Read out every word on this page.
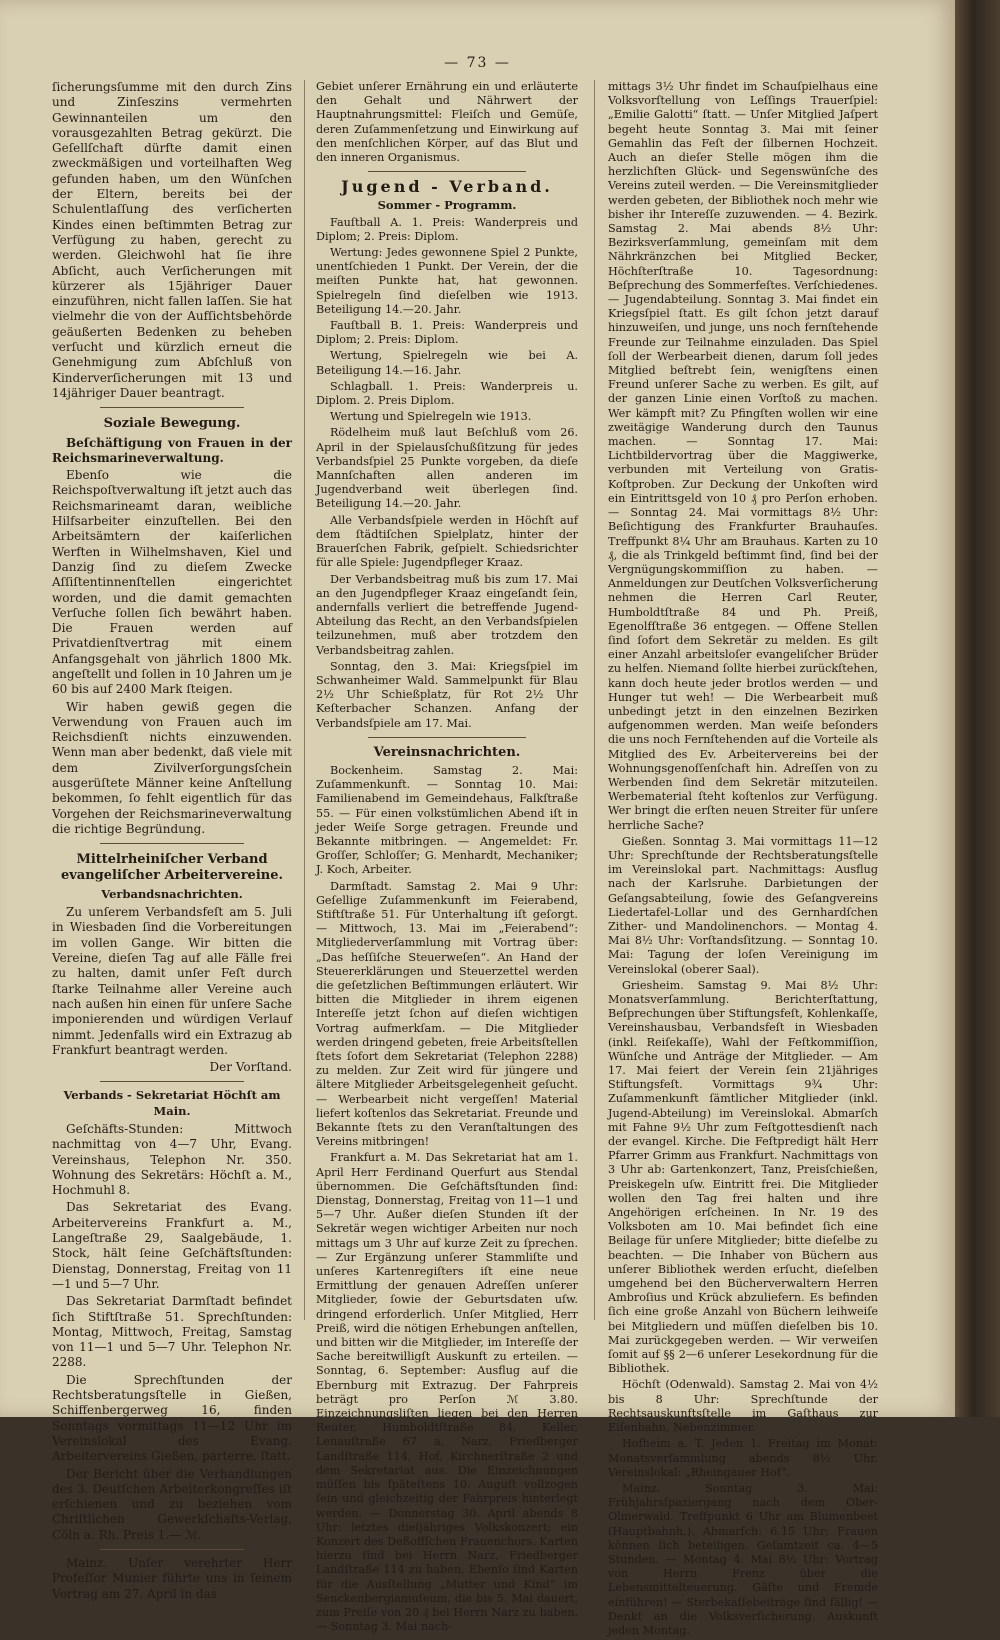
— 73 —

ſicherungsſumme mit den durch Zins und Zinſeszins vermehrten Gewinnanteilen um den vorausgezahlten Betrag gekürzt. Die Geſellſchaft dürfte damit einen zweckmäßigen und vorteilhaften Weg gefunden haben, um den Wünſchen der Eltern, bereits bei der Schulentlaſſung des verſicherten Kindes einen beſtimmten Betrag zur Verfügung zu haben, gerecht zu werden. Gleichwohl hat ſie ihre Abſicht, auch Verſicherungen mit kürzerer als 15jähriger Dauer einzuführen, nicht fallen laſſen. Sie hat vielmehr die von der Aufſichtsbehörde geäußerten Bedenken zu beheben verſucht und kürzlich erneut die Genehmigung zum Abſchluß von Kinderverſicherungen mit 13 und 14jähriger Dauer beantragt.

Soziale Bewegung.

Beſchäftigung von Frauen in der Reichsmarineverwaltung.

Ebenſo wie die Reichspoſtverwaltung iſt jetzt auch das Reichsmarineamt daran, weibliche Hilfsarbeiter einzuſtellen. Bei den Arbeitsämtern der kaiſerlichen Werften in Wilhelmshaven, Kiel und Danzig ſind zu dieſem Zwecke Aſſiſtentinnenſtellen eingerichtet worden, und die damit gemachten Verſuche ſollen ſich bewährt haben. Die Frauen werden auf Privatdienſtvertrag mit einem Anfangsgehalt von jährlich 1800 Mk. angeſtellt und ſollen in 10 Jahren um je 60 bis auf 2400 Mark ſteigen.

Wir haben gewiß gegen die Verwendung von Frauen auch im Reichsdienſt nichts einzuwenden. Wenn man aber bedenkt, daß viele mit dem Zivilverſorgungsſchein ausgerüſtete Männer keine Anſtellung bekommen, ſo fehlt eigentlich für das Vorgehen der Reichsmarineverwaltung die richtige Begründung.

Mittelrheiniſcher Verband evangeliſcher Arbeitervereine.
Verbandsnachrichten.

Zu unſerem Verbandsfeſt am 5. Juli in Wiesbaden ſind die Vorbereitungen im vollen Gange. Wir bitten die Vereine, dieſen Tag auf alle Fälle frei zu halten, damit unſer Feſt durch ſtarke Teilnahme aller Vereine auch nach außen hin einen für unſere Sache imponierenden und würdigen Verlauf nimmt. Jedenfalls wird ein Extrazug ab Frankfurt beantragt werden.

Der Vorſtand.
Verbands - Sekretariat Höchſt am Main.

Geſchäfts-Stunden: Mittwoch nachmittag von 4—7 Uhr, Evang. Vereinshaus, Telephon Nr. 350. Wohnung des Sekretärs: Höchſt a. M., Hochmuhl 8.

Das Sekretariat des Evang. Arbeitervereins Frankfurt a. M., Langeſtraße 29, Saalgebäude, 1. Stock, hält ſeine Geſchäftsſtunden: Dienstag, Donnerstag, Freitag von 11—1 und 5—7 Uhr.

Das Sekretariat Darmſtadt befindet ſich Stiftſtraße 51. Sprechſtunden: Montag, Mittwoch, Freitag, Samstag von 11—1 und 5—7 Uhr. Telephon Nr. 2288.

Die Sprechſtunden der Rechtsberatungsſtelle in Gießen, Schiffenbergerweg 16, finden Sonntags vormittags 11—12 Uhr im Vereinslokal des Evang. Arbeitervereins Gießen, parterre, ſtatt.

Der Bericht über die Verhandlungen des 3. Deutſchen Arbeiterkongreſſes iſt erſchienen und zu beziehen vom Chriſtlichen Gewerkſchafts-Verlag, Cöln a. Rh. Preis 1.— ℳ.

Mainz. Unſer verehrter Herr Profeſſor Munier führte uns in ſeinem Vortrag am 27. April in das

Gebiet unſerer Ernährung ein und erläuterte den Gehalt und Nährwert der Hauptnahrungsmittel: Fleiſch und Gemüſe, deren Zuſammenſetzung und Einwirkung auf den menſchlichen Körper, auf das Blut und den inneren Organismus.

Jugend - Verband.
Sommer - Programm.

Fauſtball A. 1. Preis: Wanderpreis und Diplom; 2. Preis: Diplom.

Wertung: Jedes gewonnene Spiel 2 Punkte, unentſchieden 1 Punkt. Der Verein, der die meiſten Punkte hat, hat gewonnen. Spielregeln ſind dieſelben wie 1913. Beteiligung 14.—20. Jahr.

Fauſtball B. 1. Preis: Wanderpreis und Diplom; 2. Preis: Diplom.

Wertung, Spielregeln wie bei A. Beteiligung 14.—16. Jahr.

Schlagball. 1. Preis: Wanderpreis u. Diplom. 2. Preis Diplom.

Wertung und Spielregeln wie 1913.

Rödelheim muß laut Beſchluß vom 26. April in der Spielausſchußſitzung für jedes Verbandsſpiel 25 Punkte vorgeben, da dieſe Mannſchaften allen anderen im Jugendverband weit überlegen ſind. Beteiligung 14.—20. Jahr.

Alle Verbandsſpiele werden in Höchſt auf dem ſtädtiſchen Spielplatz, hinter der Brauerſchen Fabrik, geſpielt. Schiedsrichter für alle Spiele: Jugendpfleger Kraaz.

Der Verbandsbeitrag muß bis zum 17. Mai an den Jugendpfleger Kraaz eingeſandt ſein, andernfalls verliert die betreffende Jugend-Abteilung das Recht, an den Verbandsſpielen teilzunehmen, muß aber trotzdem den Verbandsbeitrag zahlen.

Sonntag, den 3. Mai: Kriegsſpiel im Schwanheimer Wald. Sammelpunkt für Blau 2½ Uhr Schießplatz, für Rot 2½ Uhr Keſterbacher Schanzen. Anfang der Verbandsſpiele am 17. Mai.

Vereinsnachrichten.

Bockenheim. Samstag 2. Mai: Zuſammenkunft. — Sonntag 10. Mai: Familienabend im Gemeindehaus, Falkſtraße 55. — Für einen volkstümlichen Abend iſt in jeder Weiſe Sorge getragen. Freunde und Bekannte mitbringen. — Angemeldet: Fr. Groſſer, Schloſſer; G. Menhardt, Mechaniker; J. Koch, Arbeiter.

Darmſtadt. Samstag 2. Mai 9 Uhr: Geſellige Zuſammenkunft im Feierabend, Stiftſtraße 51. Für Unterhaltung iſt geſorgt. — Mittwoch, 13. Mai im „Feierabend“: Mitgliederverſammlung mit Vortrag über: „Das heſſiſche Steuerweſen“. An Hand der Steuererklärungen und Steuerzettel werden die geſetzlichen Beſtimmungen erläutert. Wir bitten die Mitglieder in ihrem eigenen Intereſſe jetzt ſchon auf dieſen wichtigen Vortrag aufmerkſam. — Die Mitglieder werden dringend gebeten, freie Arbeitsſtellen ſtets ſofort dem Sekretariat (Telephon 2288) zu melden. Zur Zeit wird für jüngere und ältere Mitglieder Arbeitsgelegenheit geſucht. — Werbearbeit nicht vergeſſen! Material liefert koſtenlos das Sekretariat. Freunde und Bekannte ſtets zu den Veranſtaltungen des Vereins mitbringen!

Frankfurt a. M. Das Sekretariat hat am 1. April Herr Ferdinand Querfurt aus Stendal übernommen. Die Geſchäftsſtunden ſind: Dienstag, Donnerstag, Freitag von 11—1 und 5—7 Uhr. Außer dieſen Stunden iſt der Sekretär wegen wichtiger Arbeiten nur noch mittags um 3 Uhr auf kurze Zeit zu ſprechen. — Zur Ergänzung unſerer Stammliſte und unſeres Kartenregiſters iſt eine neue Ermittlung der genauen Adreſſen unſerer Mitglieder, ſowie der Geburtsdaten uſw. dringend erforderlich. Unſer Mitglied, Herr Preiß, wird die nötigen Erhebungen anſtellen, und bitten wir die Mitglieder, im Intereſſe der Sache bereitwilligſt Auskunft zu erteilen. — Sonntag, 6. September: Ausflug auf die Ebernburg mit Extrazug. Der Fahrpreis beträgt pro Perſon ℳ 3.80. Einzeichnungsliſten liegen bei den Herren Reuter, Humboldtſtraße 84, Keller, Lenauſtraße 67 a, Narz, Friedberger Landſtraße 114, Hof, Kirchnerſtraße 2 und dem Sekretariat aus. Die Einzeichnungen müſſen bis ſpäteſtens 10. Auguſt vollzogen ſein und gleichzeitig der Fahrpreis hinterlegt werden. — Donnerstag 30. April abends 8 Uhr: letztes dieſjähriges Volkskonzert; ein Konzert des Deßoffſchen Frauenchors. Karten hierzu ſind bei Herrn Narz, Friedberger Landſtraße 114 zu haben. Ebenſo ſind Karten für die Ausſtellung „Mutter und Kind“ im Senckenbergiamuſeum, die bis 5. Mai dauert, zum Preiſe von 20 ₰ bei Herrn Narz zu haben. — Sonntag 3. Mai nach-

mittags 3½ Uhr findet im Schauſpielhaus eine Volksvorſtellung von Leſſings Trauerſpiel: „Emilie Galotti“ ſtatt. — Unſer Mitglied Jaſpert begeht heute Sonntag 3. Mai mit ſeiner Gemahlin das Feſt der ſilbernen Hochzeit. Auch an dieſer Stelle mögen ihm die herzlichſten Glück- und Segenswünſche des Vereins zuteil werden. — Die Vereinsmitglieder werden gebeten, der Bibliothek noch mehr wie bisher ihr Intereſſe zuzuwenden. — 4. Bezirk. Samstag 2. Mai abends 8½ Uhr: Bezirksverſammlung, gemeinſam mit dem Nährkränzchen bei Mitglied Becker, Höchſterſtraße 10. Tagesordnung: Beſprechung des Sommerfeſtes. Verſchiedenes. — Jugendabteilung. Sonntag 3. Mai findet ein Kriegsſpiel ſtatt. Es gilt ſchon jetzt darauf hinzuweiſen, und junge, uns noch fernſtehende Freunde zur Teilnahme einzuladen. Das Spiel ſoll der Werbearbeit dienen, darum ſoll jedes Mitglied beſtrebt ſein, wenigſtens einen Freund unſerer Sache zu werben. Es gilt, auf der ganzen Linie einen Vorſtoß zu machen. Wer kämpft mit? Zu Pfingſten wollen wir eine zweitägige Wanderung durch den Taunus machen. — Sonntag 17. Mai: Lichtbildervortrag über die Maggiwerke, verbunden mit Verteilung von Gratis-Koſtproben. Zur Deckung der Unkoſten wird ein Eintrittsgeld von 10 ₰ pro Perſon erhoben. — Sonntag 24. Mai vormittags 8½ Uhr: Beſichtigung des Frankfurter Brauhauſes. Treffpunkt 8¼ Uhr am Brauhaus. Karten zu 10 ₰, die als Trinkgeld beſtimmt ſind, ſind bei der Vergnügungskommiſſion zu haben. — Anmeldungen zur Deutſchen Volksverſicherung nehmen die Herren Carl Reuter, Humboldtſtraße 84 und Ph. Preiß, Egenolfſtraße 36 entgegen. — Offene Stellen ſind ſofort dem Sekretär zu melden. Es gilt einer Anzahl arbeitsloſer evangeliſcher Brüder zu helfen. Niemand ſollte hierbei zurückſtehen, kann doch heute jeder brotlos werden — und Hunger tut weh! — Die Werbearbeit muß unbedingt jetzt in den einzelnen Bezirken aufgenommen werden. Man weiſe beſonders die uns noch Fernſtehenden auf die Vorteile als Mitglied des Ev. Arbeitervereins bei der Wohnungsgenoſſenſchaft hin. Adreſſen von zu Werbenden ſind dem Sekretär mitzuteilen. Werbematerial ſteht koſtenlos zur Verfügung. Wer bringt die erſten neuen Streiter für unſere herrliche Sache?

Gießen. Sonntag 3. Mai vormittags 11—12 Uhr: Sprechſtunde der Rechtsberatungsſtelle im Vereinslokal part. Nachmittags: Ausflug nach der Karlsruhe. Darbietungen der Geſangsabteilung, ſowie des Geſangvereins Liedertafel-Lollar und des Gernhardſchen Zither- und Mandolinenchors. — Montag 4. Mai 8½ Uhr: Vorſtandsſitzung. — Sonntag 10. Mai: Tagung der loſen Vereinigung im Vereinslokal (oberer Saal).

Griesheim. Samstag 9. Mai 8½ Uhr: Monatsverſammlung. Berichterſtattung, Beſprechungen über Stiftungsfeſt, Kohlenkaſſe, Vereinshausbau, Verbandsfeſt in Wiesbaden (inkl. Reiſekaſſe), Wahl der Feſtkommiſſion, Wünſche und Anträge der Mitglieder. — Am 17. Mai feiert der Verein ſein 21jähriges Stiftungsfeſt. Vormittags 9¾ Uhr: Zuſammenkunft ſämtlicher Mitglieder (inkl. Jugend-Abteilung) im Vereinslokal. Abmarſch mit Fahne 9½ Uhr zum Feſtgottesdienſt nach der evangel. Kirche. Die Feſtpredigt hält Herr Pfarrer Grimm aus Frankfurt. Nachmittags von 3 Uhr ab: Gartenkonzert, Tanz, Preisſchießen, Preiskegeln uſw. Eintritt frei. Die Mitglieder wollen den Tag frei halten und ihre Angehörigen erſcheinen. In Nr. 19 des Volksboten am 10. Mai befindet ſich eine Beilage für unſere Mitglieder; bitte dieſelbe zu beachten. — Die Inhaber von Büchern aus unſerer Bibliothek werden erſucht, dieſelben umgehend bei den Bücherverwaltern Herren Ambroſius und Krück abzuliefern. Es befinden ſich eine große Anzahl von Büchern leihweiſe bei Mitgliedern und müſſen dieſelben bis 10. Mai zurückgegeben werden. — Wir verweiſen ſomit auf §§ 2—6 unſerer Lesekordnung für die Bibliothek.

Höchſt (Odenwald). Samstag 2. Mai von 4½ bis 8 Uhr: Sprechſtunde der Rechtsauskunftsſtelle im Gaſthaus zur Eiſenbahn, Nebenzimmer.

Hofheim a. T. Jeden 1. Freitag im Monat: Monatsverſammlung abends 8½ Uhr. Vereinslokal: „Rheingauer Hof“.

Mainz. Sonntag 3. Mai: Frühjahrsſpaziergang nach dem Ober-Olmerwald. Treffpunkt 6 Uhr am Blumenbeet (Hauptbahnh.). Abmarſch: 6.15 Uhr; Frauen können ſich beteiligen. Geſamtzeit ca. 4—5 Stunden. — Montag 4. Mai 8½ Uhr: Vortrag von Herrn Frenz über die Lebensmittelteuerung. Gäſte und Fremde einführen! — Sterbekaſſebeiträge ſind fällig! — Denkt an die Volksverſicherung. Auskunft jeden Montag.
